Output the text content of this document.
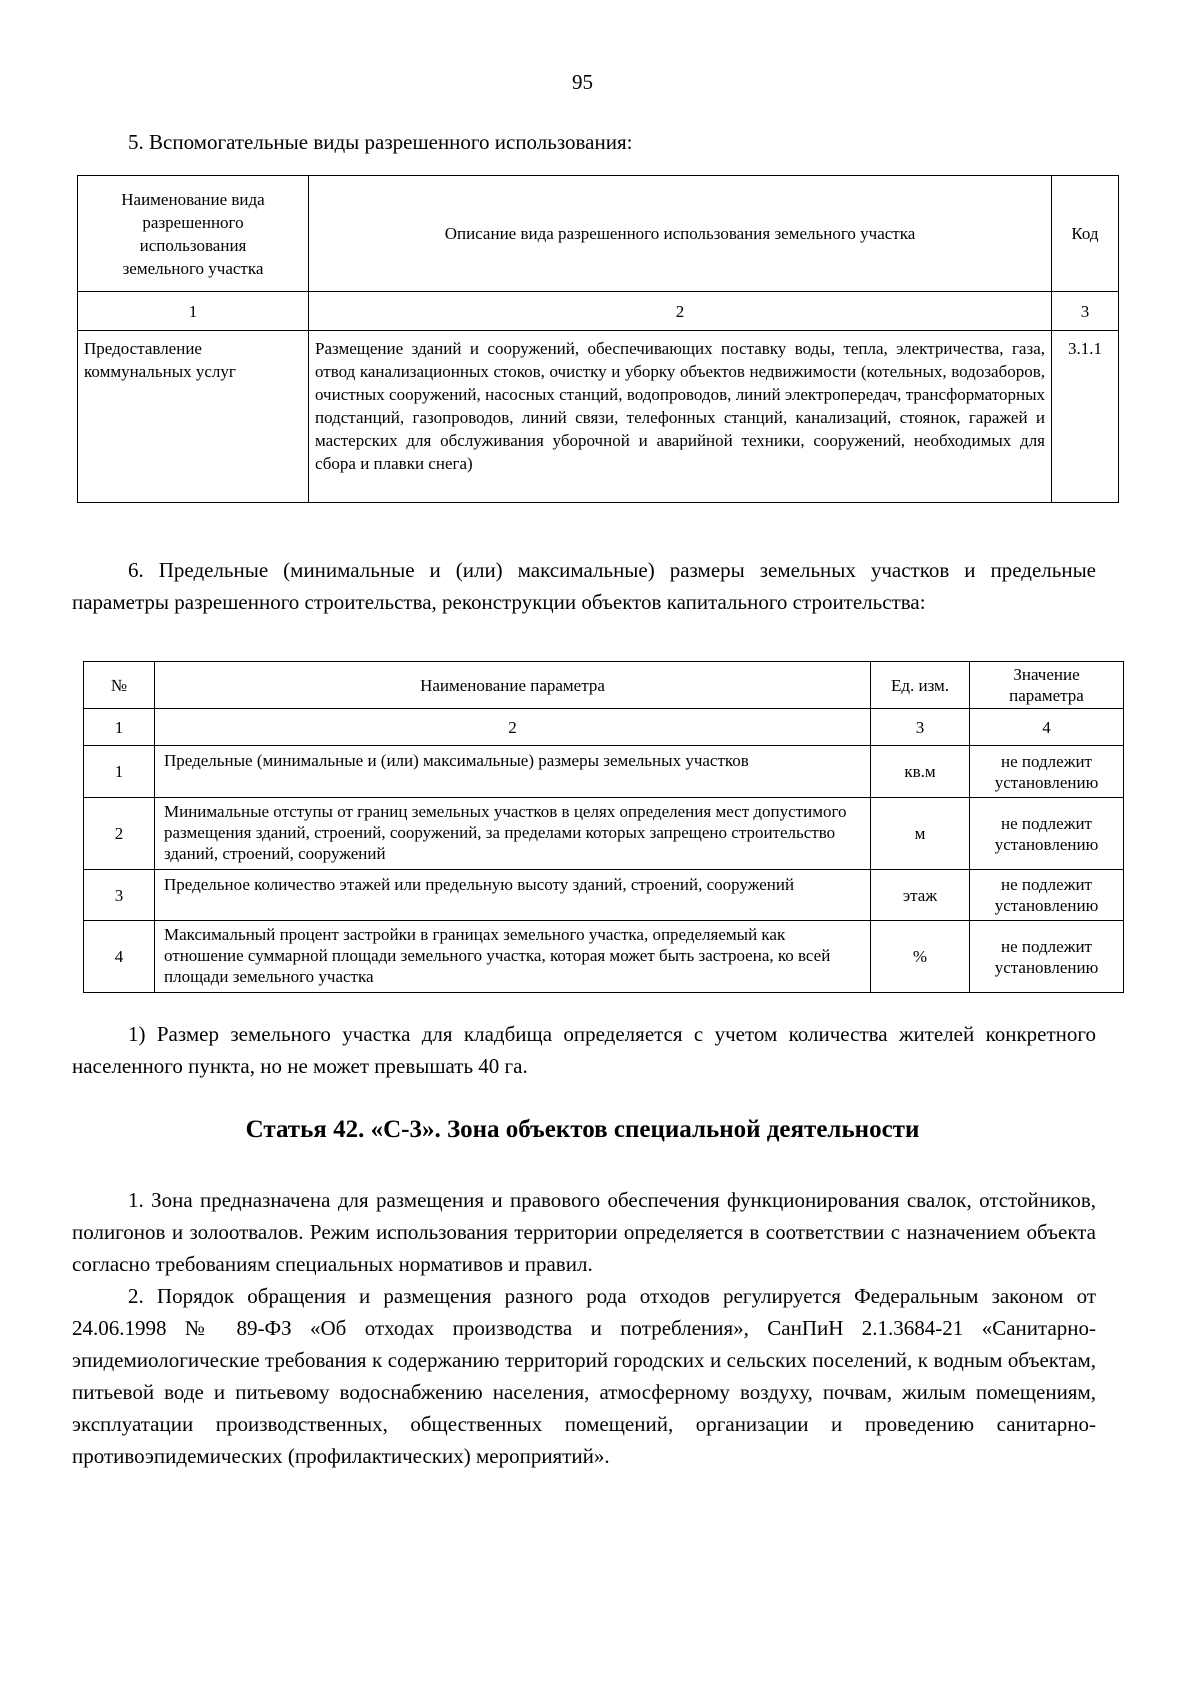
95
5. Вспомогательные виды разрешенного использования:
Наименование вида разрешенного использования земельного участка	Описание вида разрешенного использования земельного участка	Код
1	2	3
Предоставление коммунальных услуг	Размещение зданий и сооружений, обеспечивающих поставку воды, тепла, электричества, газа, отвод канализационных стоков, очистку и уборку объектов недвижимости (котельных, водозаборов, очистных сооружений, насосных станций, водопроводов, линий электропередач, трансформаторных подстанций, газопроводов, линий связи, телефонных станций, канализаций, стоянок, гаражей и мастерских для обслуживания уборочной и аварийной техники, сооружений, необходимых для сбора и плавки снега)	3.1.1

6. Предельные (минимальные и (или) максимальные) размеры земельных участков и предельные параметры разрешенного строительства, реконструкции объектов капитального строительства:

№	Наименование параметра	Ед. изм.	Значение параметра
1	2	3	4
1	Предельные (минимальные и (или) максимальные) размеры земельных участков	кв.м	не подлежит установлению
2	Минимальные отступы от границ земельных участков в целях определения мест допустимого размещения зданий, строений, сооружений, за пределами которых запрещено строительство зданий, строений, сооружений	м	не подлежит установлению
3	Предельное количество этажей или предельную высоту зданий, строений, сооружений	этаж	не подлежит установлению
4	Максимальный процент застройки в границах земельного участка, определяемый как отношение суммарной площади земельного участка, которая может быть застроена, ко всей площади земельного участка	%	не подлежит установлению

1) Размер земельного участка для кладбища определяется с учетом количества жителей конкретного населенного пункта, но не может превышать 40 га.

Статья 42. «С-3». Зона объектов специальной деятельности

1. Зона предназначена для размещения и правового обеспечения функционирования свалок, отстойников, полигонов и золоотвалов. Режим использования территории определяется в соответствии с назначением объекта согласно требованиям специальных нормативов и правил.

2. Порядок обращения и размещения разного рода отходов регулируется Федеральным законом от 24.06.1998 № 89-ФЗ «Об отходах производства и потребления», СанПиН 2.1.3684-21 «Санитарно-эпидемиологические требования к содержанию территорий городских и сельских поселений, к водным объектам, питьевой воде и питьевому водоснабжению населения, атмосферному воздуху, почвам, жилым помещениям, эксплуатации производственных, общественных помещений, организации и проведению санитарно-противоэпидемических (профилактических) мероприятий».
